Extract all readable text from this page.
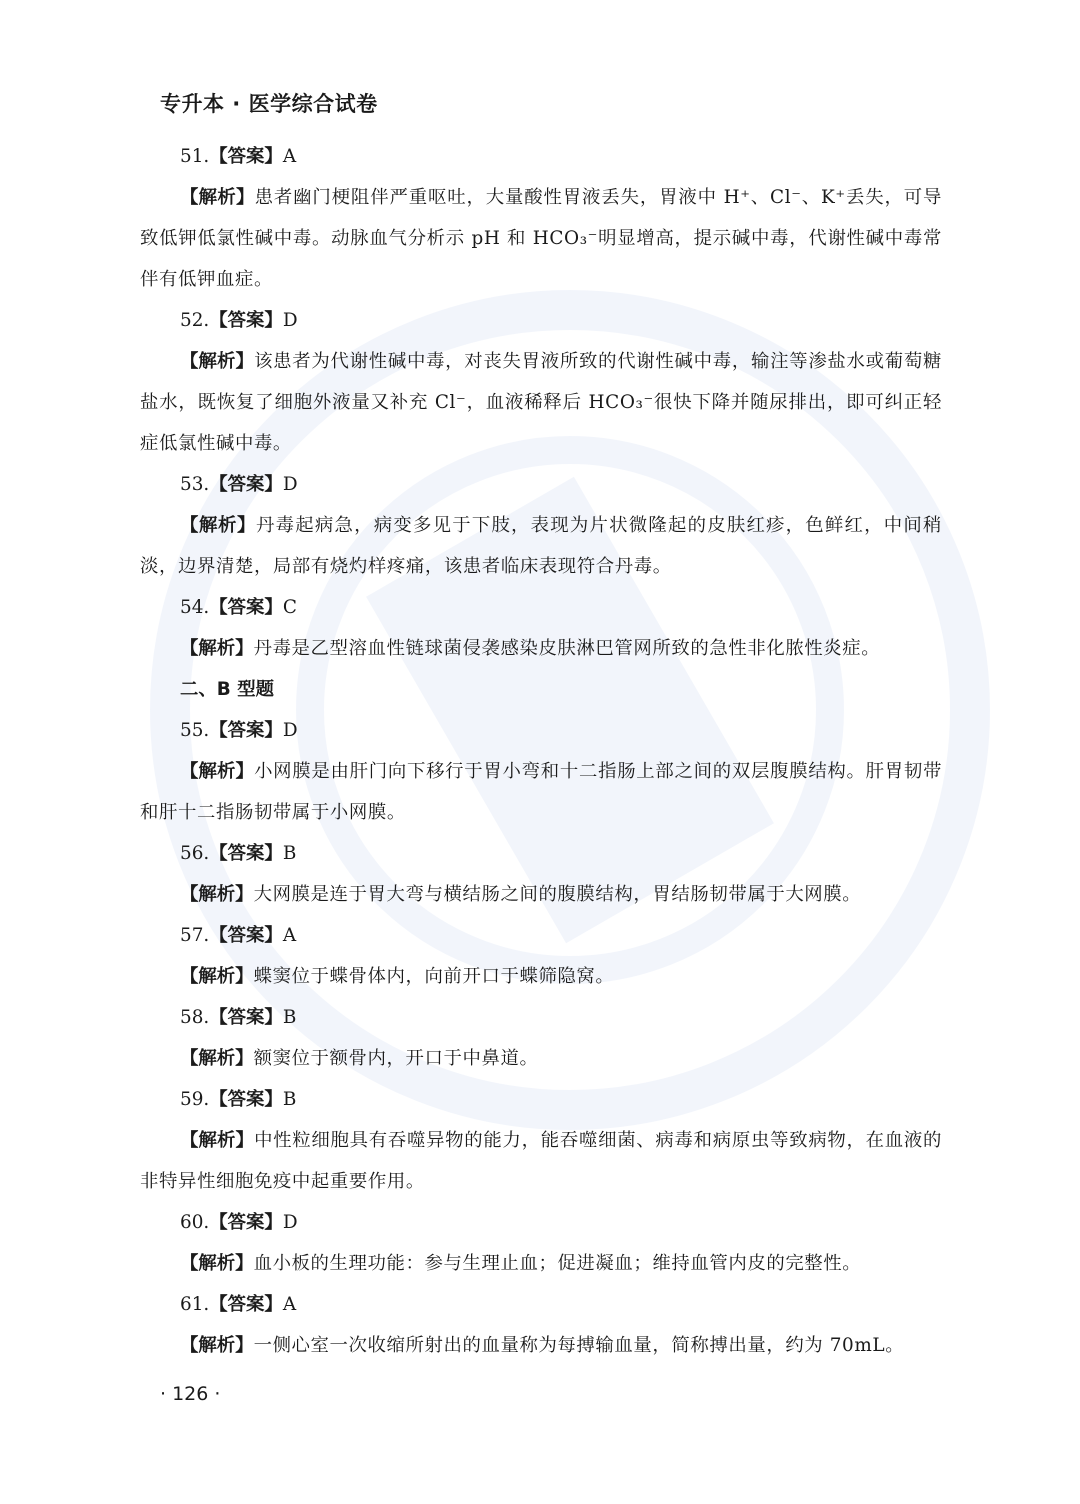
专升本 · 医学综合试卷
51.【答案】A
【解析】患者幽门梗阻伴严重呕吐，大量酸性胃液丢失，胃液中 H⁺、Cl⁻、K⁺丢失，可导致低钾低氯性碱中毒。动脉血气分析示 pH 和 HCO₃⁻明显增高，提示碱中毒，代谢性碱中毒常伴有低钾血症。
52.【答案】D
【解析】该患者为代谢性碱中毒，对丧失胃液所致的代谢性碱中毒，输注等渗盐水或葡萄糖盐水，既恢复了细胞外液量又补充 Cl⁻，血液稀释后 HCO₃⁻很快下降并随尿排出，即可纠正轻症低氯性碱中毒。
53.【答案】D
【解析】丹毒起病急，病变多见于下肢，表现为片状微隆起的皮肤红疹，色鲜红，中间稍淡，边界清楚，局部有烧灼样疼痛，该患者临床表现符合丹毒。
54.【答案】C
【解析】丹毒是乙型溶血性链球菌侵袭感染皮肤淋巴管网所致的急性非化脓性炎症。
二、B 型题
55.【答案】D
【解析】小网膜是由肝门向下移行于胃小弯和十二指肠上部之间的双层腹膜结构。肝胃韧带和肝十二指肠韧带属于小网膜。
56.【答案】B
【解析】大网膜是连于胃大弯与横结肠之间的腹膜结构，胃结肠韧带属于大网膜。
57.【答案】A
【解析】蝶窦位于蝶骨体内，向前开口于蝶筛隐窝。
58.【答案】B
【解析】额窦位于额骨内，开口于中鼻道。
59.【答案】B
【解析】中性粒细胞具有吞噬异物的能力，能吞噬细菌、病毒和病原虫等致病物，在血液的非特异性细胞免疫中起重要作用。
60.【答案】D
【解析】血小板的生理功能：参与生理止血；促进凝血；维持血管内皮的完整性。
61.【答案】A
【解析】一侧心室一次收缩所射出的血量称为每搏输血量，简称搏出量，约为 70mL。
· 126 ·
